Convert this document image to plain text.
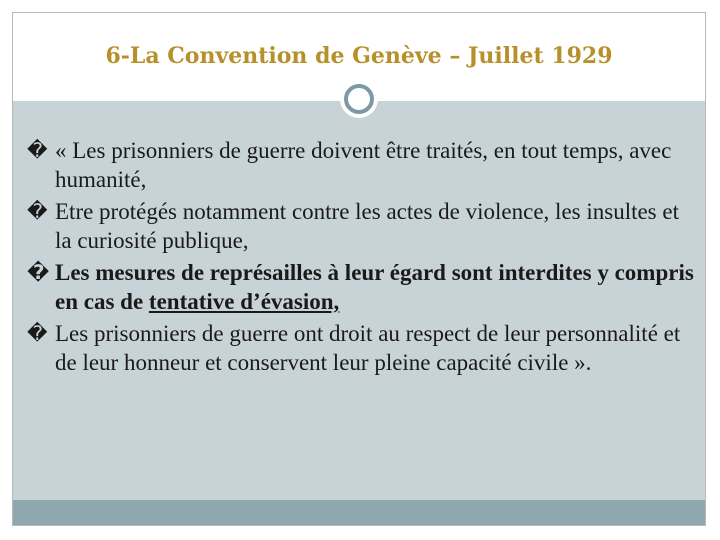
6-La Convention de Genève – Juillet 1929
� « Les prisonniers de guerre doivent être traités, en tout temps, avec humanité,
� Etre protégés notamment contre les actes de violence, les insultes et la curiosité publique,
� Les mesures de représailles à leur égard sont interdites y compris en cas de tentative d’évasion,
� Les prisonniers de guerre ont droit au respect de leur personnalité et de leur honneur et conservent leur pleine capacité civile ».
